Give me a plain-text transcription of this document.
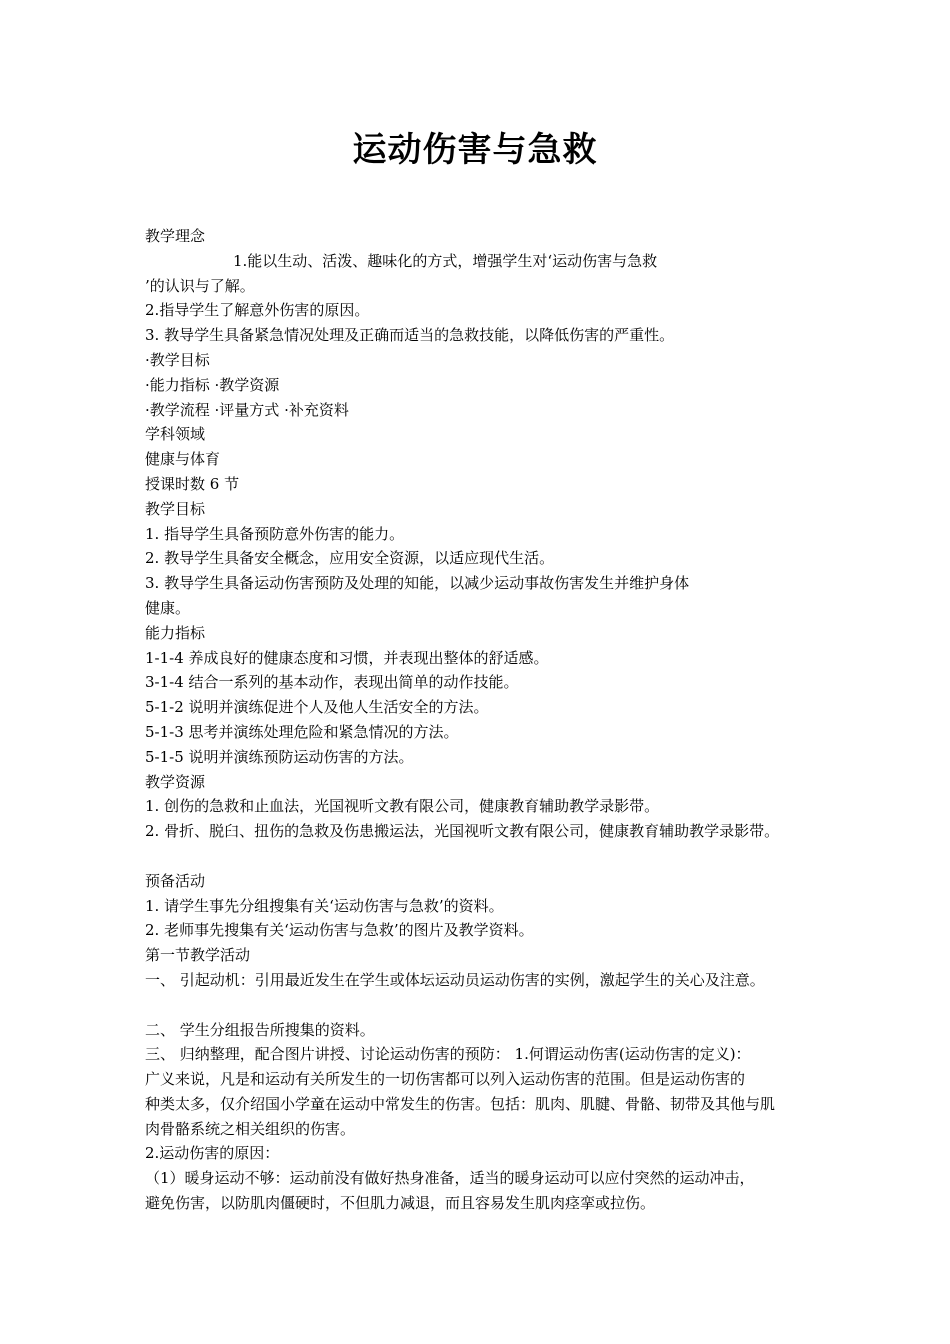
运动伤害与急救
教学理念
1.能以生动、活泼、趣味化的方式，增强学生对‘运动伤害与急救
’的认识与了解。
2.指导学生了解意外伤害的原因。
3. 教导学生具备紧急情况处理及正确而适当的急救技能，以降低伤害的严重性。
·教学目标
·能力指标 ·教学资源
·教学流程 ·评量方式 ·补充资料
学科领域
健康与体育
授课时数 6 节
教学目标
1. 指导学生具备预防意外伤害的能力。
2. 教导学生具备安全概念，应用安全资源，以适应现代生活。
3. 教导学生具备运动伤害预防及处理的知能，以减少运动事故伤害发生并维护身体
健康。
能力指标
1-1-4 养成良好的健康态度和习惯，并表现出整体的舒适感。
3-1-4 结合一系列的基本动作，表现出简单的动作技能。
5-1-2 说明并演练促进个人及他人生活安全的方法。
5-1-3 思考并演练处理危险和紧急情况的方法。
5-1-5 说明并演练预防运动伤害的方法。
教学资源
1. 创伤的急救和止血法，光国视听文教有限公司，健康教育辅助教学录影带。
2. 骨折、脱臼、扭伤的急救及伤患搬运法，光国视听文教有限公司，健康教育辅助教学录影带。
预备活动
1. 请学生事先分组搜集有关‘运动伤害与急救’的资料。
2. 老师事先搜集有关‘运动伤害与急救’的图片及教学资料。
第一节教学活动
一、 引起动机：引用最近发生在学生或体坛运动员运动伤害的实例，激起学生的关心及注意。
二、 学生分组报告所搜集的资料。
三、 归纳整理，配合图片讲授、讨论运动伤害的预防： 1.何谓运动伤害(运动伤害的定义)：
广义来说，凡是和运动有关所发生的一切伤害都可以列入运动伤害的范围。但是运动伤害的
种类太多，仅介绍国小学童在运动中常发生的伤害。包括：肌肉、肌腱、骨骼、韧带及其他与肌
肉骨骼系统之相关组织的伤害。
2.运动伤害的原因：
（1）暖身运动不够：运动前没有做好热身准备，适当的暖身运动可以应付突然的运动冲击，
避免伤害，以防肌肉僵硬时，不但肌力减退，而且容易发生肌肉痉挛或拉伤。
